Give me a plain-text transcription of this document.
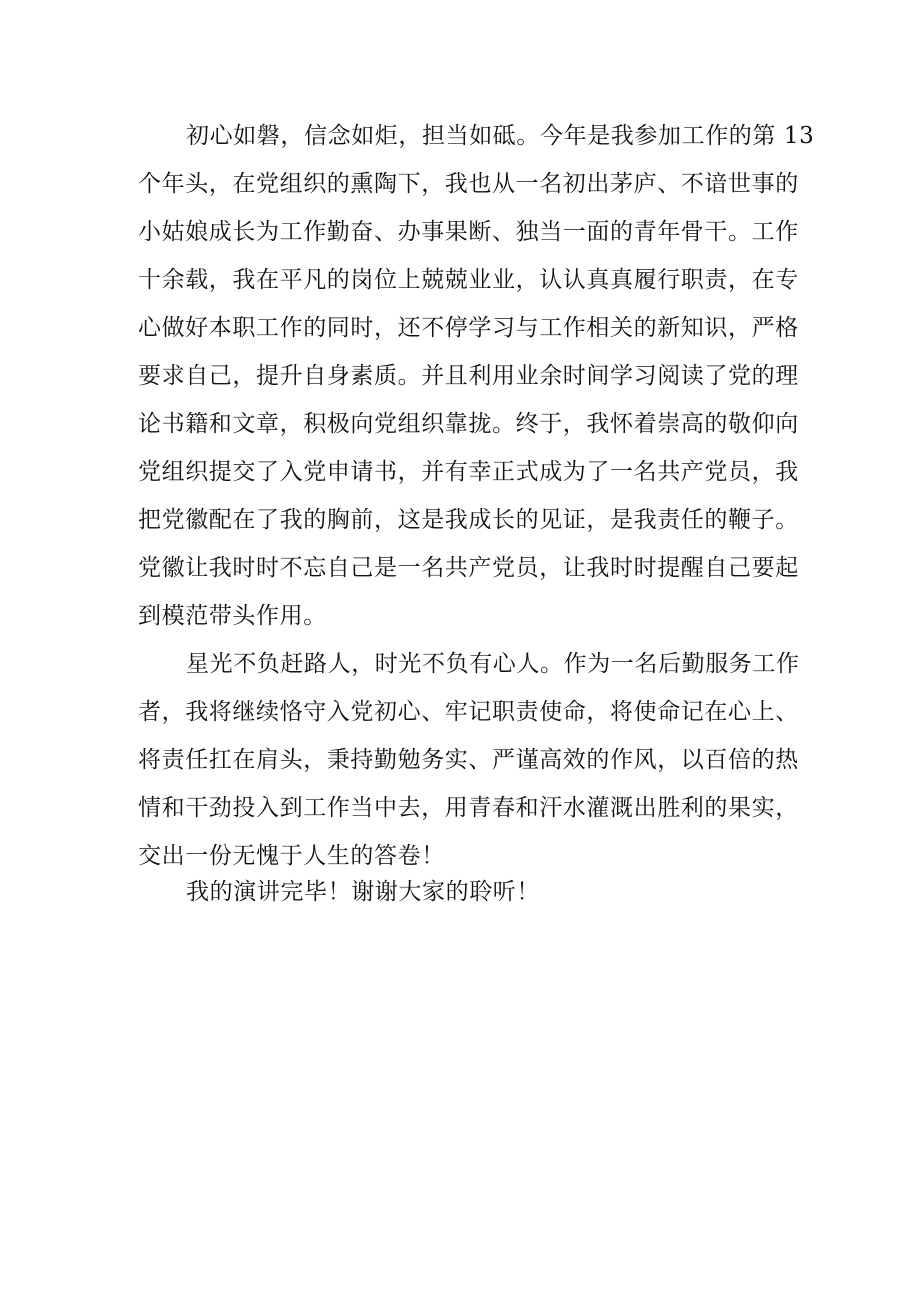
初心如磐，信念如炬，担当如砥。今年是我参加工作的第 13
个年头，在党组织的熏陶下，我也从一名初出茅庐、不谙世事的
小姑娘成长为工作勤奋、办事果断、独当一面的青年骨干。工作
十余载，我在平凡的岗位上兢兢业业，认认真真履行职责，在专
心做好本职工作的同时，还不停学习与工作相关的新知识，严格
要求自己，提升自身素质。并且利用业余时间学习阅读了党的理
论书籍和文章，积极向党组织靠拢。终于，我怀着崇高的敬仰向
党组织提交了入党申请书，并有幸正式成为了一名共产党员，我
把党徽配在了我的胸前，这是我成长的见证，是我责任的鞭子。
党徽让我时时不忘自己是一名共产党员，让我时时提醒自己要起
到模范带头作用。
星光不负赶路人，时光不负有心人。作为一名后勤服务工作
者，我将继续恪守入党初心、牢记职责使命，将使命记在心上、
将责任扛在肩头，秉持勤勉务实、严谨高效的作风，以百倍的热
情和干劲投入到工作当中去，用青春和汗水灌溉出胜利的果实，
交出一份无愧于人生的答卷！
我的演讲完毕！谢谢大家的聆听！
